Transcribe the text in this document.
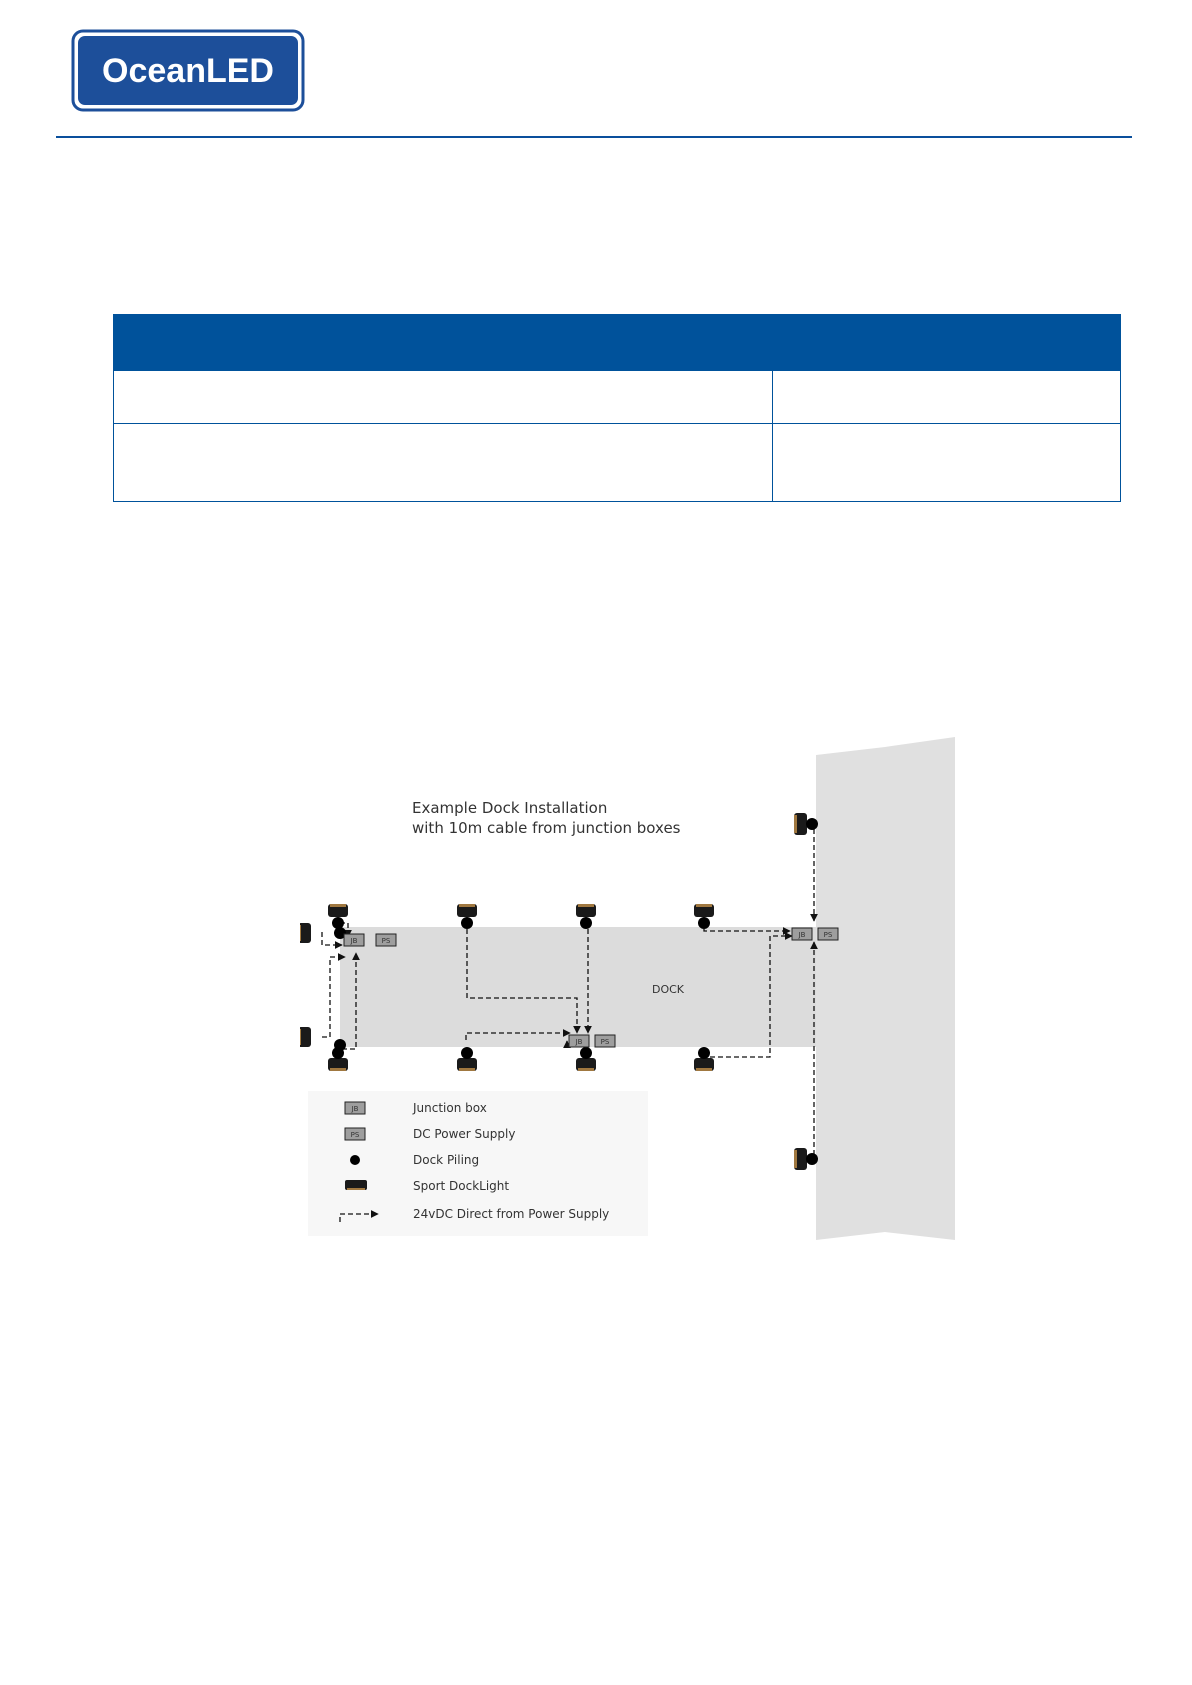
OceanLED

Example Dock Installation
with 10m cable from junction boxes
DOCK
JB	PS
JB	PS
JB	PS
JB
PS
Junction box
DC Power Supply
Dock Piling
Sport DockLight
24vDC Direct from Power Supply
